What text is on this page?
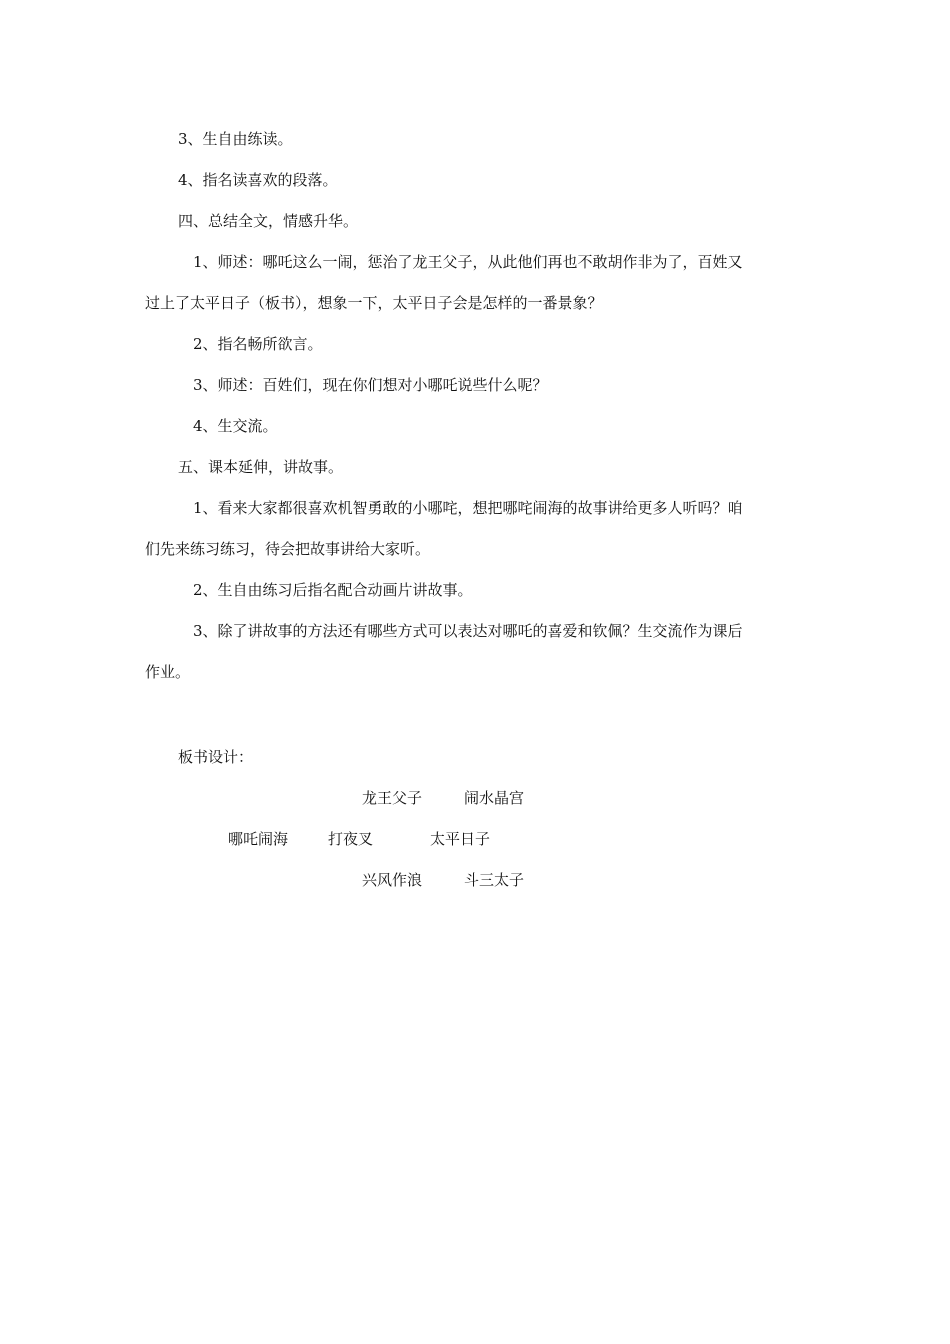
3、生自由练读。
4、指名读喜欢的段落。
四、总结全文，情感升华。
1、师述：哪吒这么一闹，惩治了龙王父子，从此他们再也不敢胡作非为了，百姓又
过上了太平日子（板书），想象一下，太平日子会是怎样的一番景象？
2、指名畅所欲言。
3、师述：百姓们，现在你们想对小哪吒说些什么呢？
4、生交流。
五、课本延伸，讲故事。
1、看来大家都很喜欢机智勇敢的小哪咤，想把哪咤闹海的故事讲给更多人听吗？咱
们先来练习练习，待会把故事讲给大家听。
2、生自由练习后指名配合动画片讲故事。
3、除了讲故事的方法还有哪些方式可以表达对哪吒的喜爱和钦佩？生交流作为课后
作业。
板书设计：
龙王父子	闹水晶宫
哪吒闹海	打夜叉	太平日子
兴风作浪	斗三太子
